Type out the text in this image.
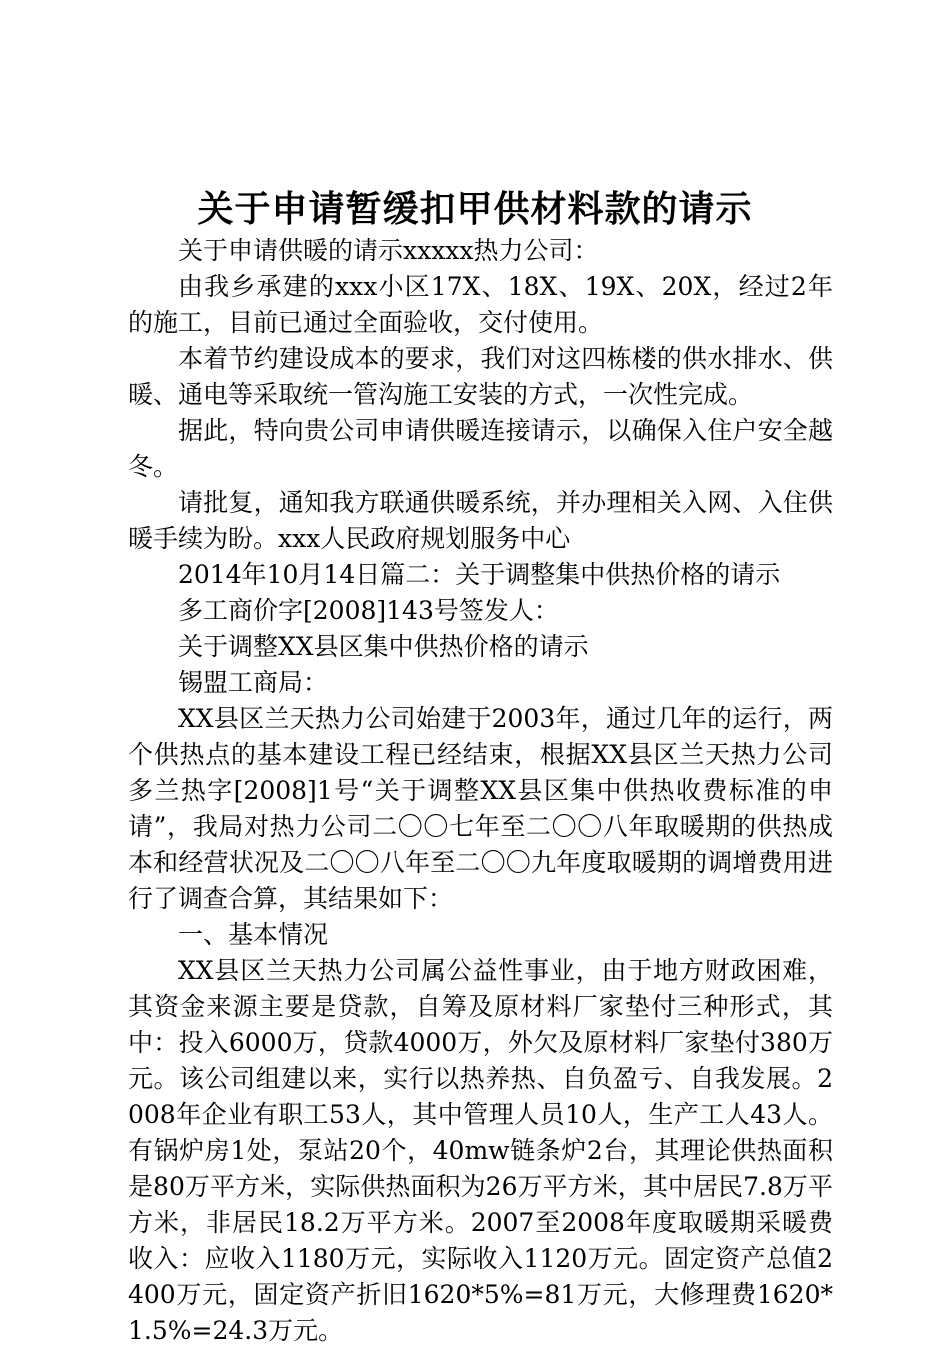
关于申请暂缓扣甲供材料款的请示

关于申请供暖的请示xxxxx热力公司：

由我乡承建的xxx小区17X、18X、19X、20X，经过2年的施工，目前已通过全面验收，交付使用。

本着节约建设成本的要求，我们对这四栋楼的供水排水、供暖、通电等采取统一管沟施工安装的方式，一次性完成。

据此，特向贵公司申请供暖连接请示，以确保入住户安全越冬。

请批复，通知我方联通供暖系统，并办理相关入网、入住供暖手续为盼。xxx人民政府规划服务中心

2014年10月14日篇二：关于调整集中供热价格的请示

多工商价字[2008]143号签发人：

关于调整XX县区集中供热价格的请示

锡盟工商局：

XX县区兰天热力公司始建于2003年，通过几年的运行，两个供热点的基本建设工程已经结束，根据XX县区兰天热力公司多兰热字[2008]1号“关于调整XX县区集中供热收费标准的申请”，我局对热力公司二〇〇七年至二〇〇八年取暖期的供热成本和经营状况及二〇〇八年至二〇〇九年度取暖期的调增费用进行了调查合算，其结果如下：

一、基本情况

XX县区兰天热力公司属公益性事业，由于地方财政困难，其资金来源主要是贷款，自筹及原材料厂家垫付三种形式，其中：投入6000万，贷款4000万，外欠及原材料厂家垫付380万元。该公司组建以来，实行以热养热、自负盈亏、自我发展。2008年企业有职工53人，其中管理人员10人，生产工人43人。有锅炉房1处，泵站20个，40mw链条炉2台，其理论供热面积是80万平方米，实际供热面积为26万平方米，其中居民7.8万平方米，非居民18.2万平方米。2007至2008年度取暖期采暖费收入：应收入1180万元，实际收入1120万元。固定资产总值2400万元，固定资产折旧1620*5%=81万元，大修理费1620*1.5%=24.3万元。
